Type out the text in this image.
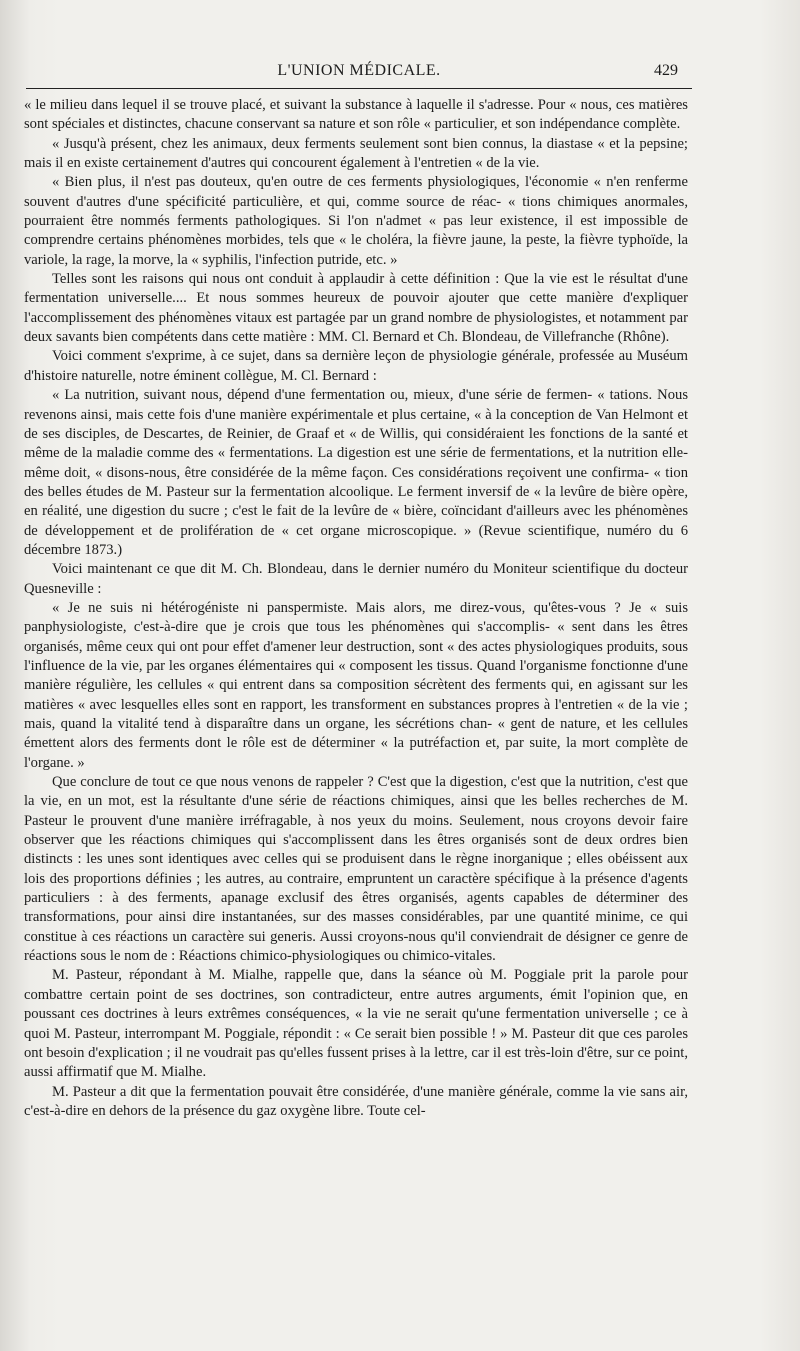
L'UNION MÉDICALE.	429

« le milieu dans lequel il se trouve placé, et suivant la substance à laquelle il s'adresse. Pour « nous, ces matières sont spéciales et distinctes, chacune conservant sa nature et son rôle « particulier, et son indépendance complète.

« Jusqu'à présent, chez les animaux, deux ferments seulement sont bien connus, la diastase « et la pepsine; mais il en existe certainement d'autres qui concourent également à l'entretien « de la vie.

« Bien plus, il n'est pas douteux, qu'en outre de ces ferments physiologiques, l'économie « n'en renferme souvent d'autres d'une spécificité particulière, et qui, comme source de réac- « tions chimiques anormales, pourraient être nommés ferments pathologiques. Si l'on n'admet « pas leur existence, il est impossible de comprendre certains phénomènes morbides, tels que « le choléra, la fièvre jaune, la peste, la fièvre typhoïde, la variole, la rage, la morve, la « syphilis, l'infection putride, etc. »

Telles sont les raisons qui nous ont conduit à applaudir à cette définition : Que la vie est le résultat d'une fermentation universelle.... Et nous sommes heureux de pouvoir ajouter que cette manière d'expliquer l'accomplissement des phénomènes vitaux est partagée par un grand nombre de physiologistes, et notamment par deux savants bien compétents dans cette matière : MM. Cl. Bernard et Ch. Blondeau, de Villefranche (Rhône).

Voici comment s'exprime, à ce sujet, dans sa dernière leçon de physiologie générale, professée au Muséum d'histoire naturelle, notre éminent collègue, M. Cl. Bernard :

« La nutrition, suivant nous, dépend d'une fermentation ou, mieux, d'une série de fermen- « tations. Nous revenons ainsi, mais cette fois d'une manière expérimentale et plus certaine, « à la conception de Van Helmont et de ses disciples, de Descartes, de Reinier, de Graaf et « de Willis, qui considéraient les fonctions de la santé et même de la maladie comme des « fermentations. La digestion est une série de fermentations, et la nutrition elle-même doit, « disons-nous, être considérée de la même façon. Ces considérations reçoivent une confirma- « tion des belles études de M. Pasteur sur la fermentation alcoolique. Le ferment inversif de « la levûre de bière opère, en réalité, une digestion du sucre ; c'est le fait de la levûre de « bière, coïncidant d'ailleurs avec les phénomènes de développement et de prolifération de « cet organe microscopique. » (Revue scientifique, numéro du 6 décembre 1873.)

Voici maintenant ce que dit M. Ch. Blondeau, dans le dernier numéro du Moniteur scientifique du docteur Quesneville :

« Je ne suis ni hétérogéniste ni panspermiste. Mais alors, me direz-vous, qu'êtes-vous ? Je « suis panphysiologiste, c'est-à-dire que je crois que tous les phénomènes qui s'accomplis- « sent dans les êtres organisés, même ceux qui ont pour effet d'amener leur destruction, sont « des actes physiologiques produits, sous l'influence de la vie, par les organes élémentaires qui « composent les tissus. Quand l'organisme fonctionne d'une manière régulière, les cellules « qui entrent dans sa composition sécrètent des ferments qui, en agissant sur les matières « avec lesquelles elles sont en rapport, les transforment en substances propres à l'entretien « de la vie ; mais, quand la vitalité tend à disparaître dans un organe, les sécrétions chan- « gent de nature, et les cellules émettent alors des ferments dont le rôle est de déterminer « la putréfaction et, par suite, la mort complète de l'organe. »

Que conclure de tout ce que nous venons de rappeler ? C'est que la digestion, c'est que la nutrition, c'est que la vie, en un mot, est la résultante d'une série de réactions chimiques, ainsi que les belles recherches de M. Pasteur le prouvent d'une manière irréfragable, à nos yeux du moins. Seulement, nous croyons devoir faire observer que les réactions chimiques qui s'accomplissent dans les êtres organisés sont de deux ordres bien distincts : les unes sont identiques avec celles qui se produisent dans le règne inorganique ; elles obéissent aux lois des proportions définies ; les autres, au contraire, empruntent un caractère spécifique à la présence d'agents particuliers : à des ferments, apanage exclusif des êtres organisés, agents capables de déterminer des transformations, pour ainsi dire instantanées, sur des masses considérables, par une quantité minime, ce qui constitue à ces réactions un caractère sui generis. Aussi croyons-nous qu'il conviendrait de désigner ce genre de réactions sous le nom de : Réactions chimico-physiologiques ou chimico-vitales.

M. Pasteur, répondant à M. Mialhe, rappelle que, dans la séance où M. Poggiale prit la parole pour combattre certain point de ses doctrines, son contradicteur, entre autres arguments, émit l'opinion que, en poussant ces doctrines à leurs extrêmes conséquences, « la vie ne serait qu'une fermentation universelle ; ce à quoi M. Pasteur, interrompant M. Poggiale, répondit : « Ce serait bien possible ! » M. Pasteur dit que ces paroles ont besoin d'explication ; il ne voudrait pas qu'elles fussent prises à la lettre, car il est très-loin d'être, sur ce point, aussi affirmatif que M. Mialhe.

M. Pasteur a dit que la fermentation pouvait être considérée, d'une manière générale, comme la vie sans air, c'est-à-dire en dehors de la présence du gaz oxygène libre. Toute cel-
